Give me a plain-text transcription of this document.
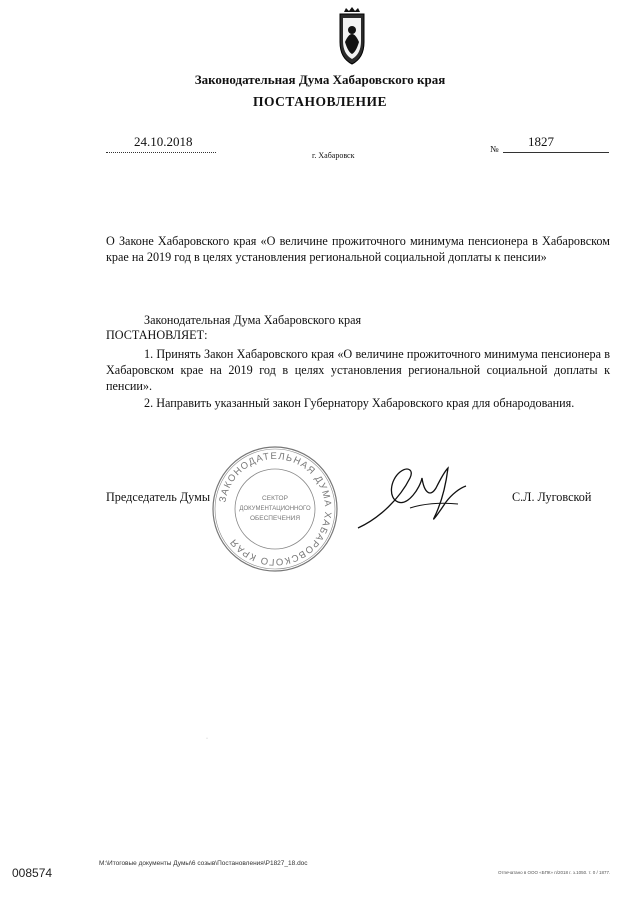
Законодательная Дума Хабаровского края
ПОСТАНОВЛЕНИЕ
24.10.2018
г. Хабаровск
№ 1827
О Законе Хабаровского края «О величине прожиточного минимума пенсионера в Хабаровском крае на 2019 год в целях установления региональной социальной доплаты к пенсии»
Законодательная Дума Хабаровского края
ПОСТАНОВЛЯЕТ:
1. Принять Закон Хабаровского края «О величине прожиточного минимума пенсионера в Хабаровском крае на 2019 год в целях установления региональной социальной доплаты к пенсии».
2. Направить указанный закон Губернатору Хабаровского края для обнародования.
Председатель Думы ЗАКОНОДАТЕЛЬНАЯ ДУМА ХАБАРОВСКОГО КРАЯ
СЕКТОР
ДОКУМЕНТАЦИОННОГО
ОБЕСПЕЧЕНИЯ
С.Л. Луговской
·
008574
M:\Итоговые документы Думы\6 созыв\Постановления\P1827_18.doc
Отпечатано в ООО «БПК» п/2018 г. з.1050. т. 0 / 1877.
